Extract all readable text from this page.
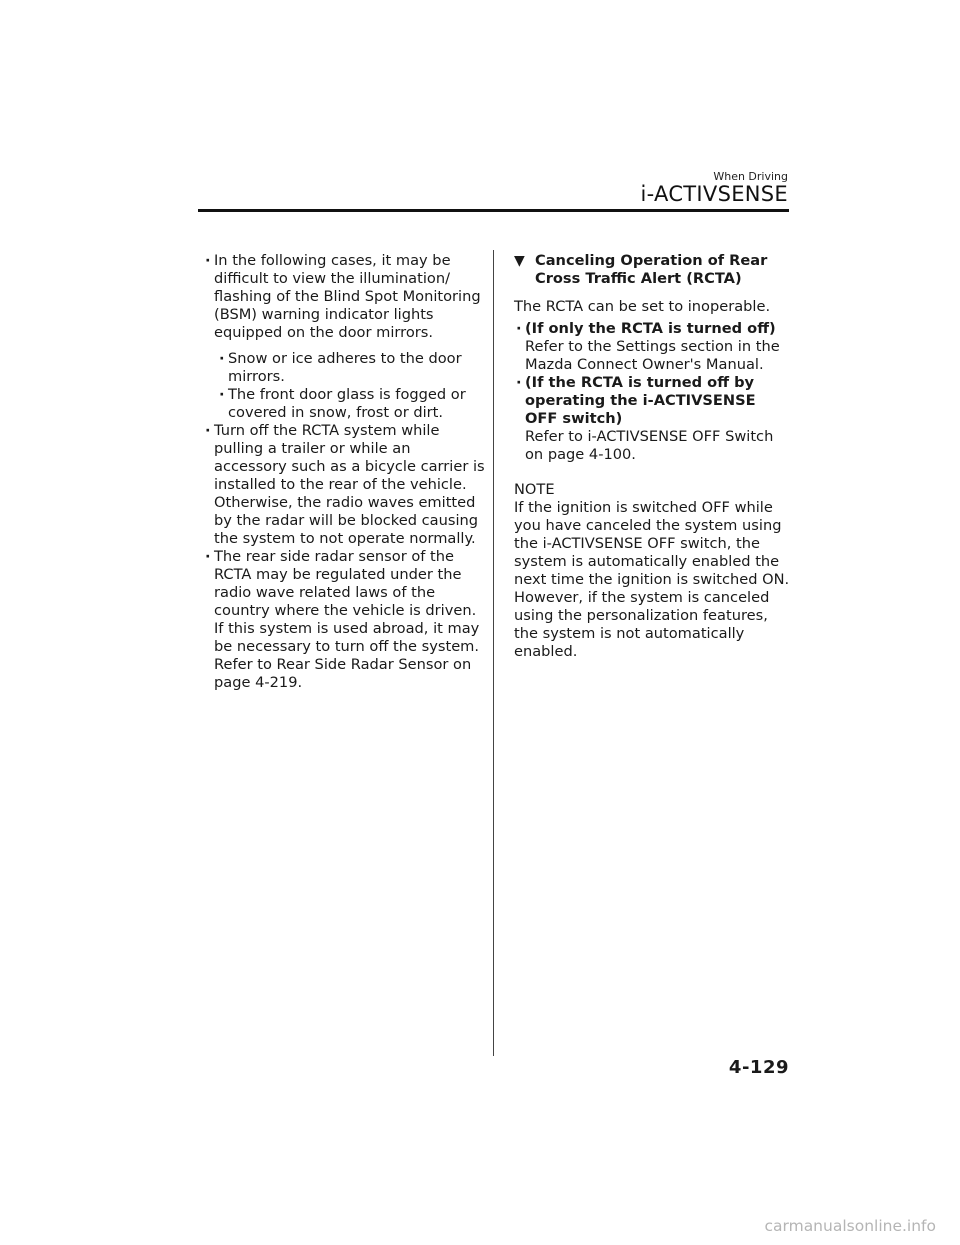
When Driving
i-ACTIVSENSE
· In the following cases, it may be difficult to view the illumination/ flashing of the Blind Spot Monitoring (BSM) warning indicator lights equipped on the door mirrors.
· Snow or ice adheres to the door mirrors.
· The front door glass is fogged or covered in snow, frost or dirt.
· Turn off the RCTA system while pulling a trailer or while an accessory such as a bicycle carrier is installed to the rear of the vehicle. Otherwise, the radio waves emitted by the radar will be blocked causing the system to not operate normally.
· The rear side radar sensor of the RCTA may be regulated under the radio wave related laws of the country where the vehicle is driven. If this system is used abroad, it may be necessary to turn off the system. Refer to Rear Side Radar Sensor on page 4-219.
▼ Canceling Operation of Rear Cross Traffic Alert (RCTA)
The RCTA can be set to inoperable.
· (If only the RCTA is turned off)
Refer to the Settings section in the Mazda Connect Owner's Manual.
· (If the RCTA is turned off by operating the i-ACTIVSENSE OFF switch)
Refer to i-ACTIVSENSE OFF Switch on page 4-100.
NOTE
If the ignition is switched OFF while you have canceled the system using the i-ACTIVSENSE OFF switch, the system is automatically enabled the next time the ignition is switched ON. However, if the system is canceled using the personalization features, the system is not automatically enabled.
4-129
carmanualsonline.info
